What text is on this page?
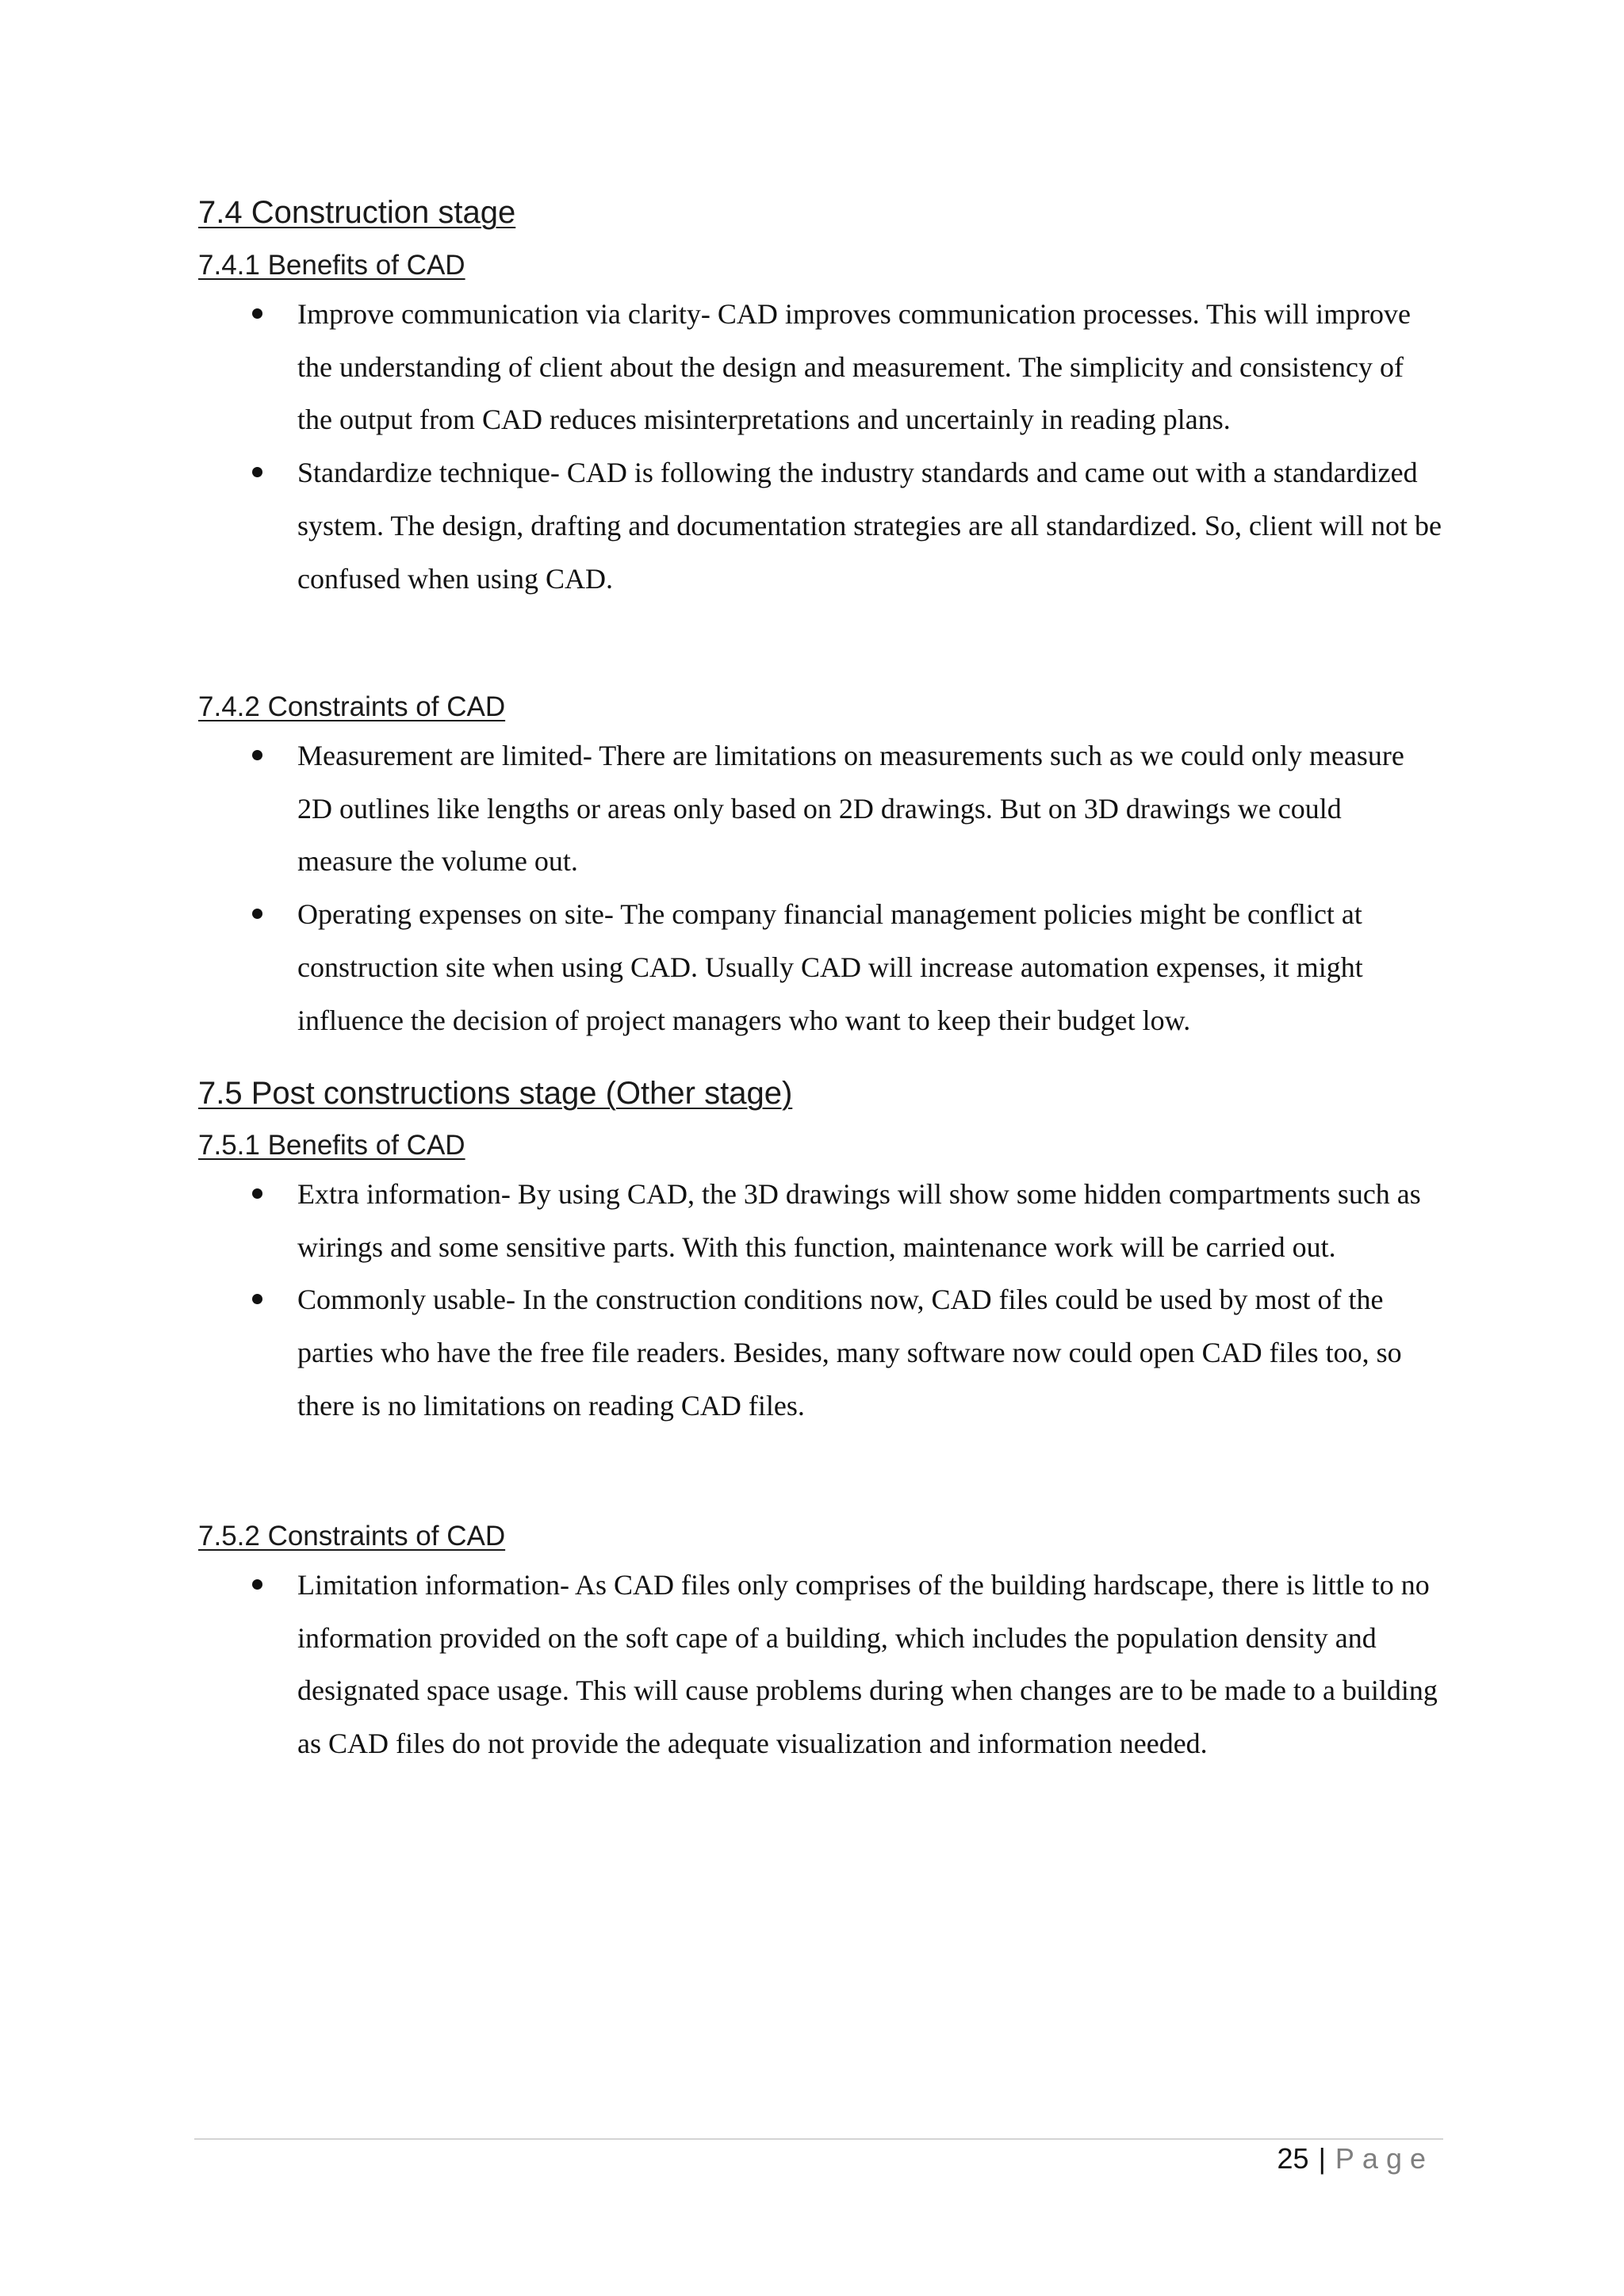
7.4 Construction stage
7.4.1 Benefits of CAD
Improve communication via clarity- CAD improves communication processes. This will improve the understanding of client about the design and measurement. The simplicity and consistency of the output from CAD reduces misinterpretations and uncertainly in reading plans.
Standardize technique- CAD is following the industry standards and came out with a standardized system. The design, drafting and documentation strategies are all standardized. So, client will not be confused when using CAD.
7.4.2 Constraints of CAD
Measurement are limited- There are limitations on measurements such as we could only measure 2D outlines like lengths or areas only based on 2D drawings. But on 3D drawings we could measure the volume out.
Operating expenses on site- The company financial management policies might be conflict at construction site when using CAD. Usually CAD will increase automation expenses, it might influence the decision of project managers who want to keep their budget low.
7.5 Post constructions stage (Other stage)
7.5.1 Benefits of CAD
Extra information- By using CAD, the 3D drawings will show some hidden compartments such as wirings and some sensitive parts. With this function, maintenance work will be carried out.
Commonly usable- In the construction conditions now, CAD files could be used by most of the parties who have the free file readers. Besides, many software now could open CAD files too, so there is no limitations on reading CAD files.
7.5.2 Constraints of CAD
Limitation information- As CAD files only comprises of the building hardscape, there is little to no information provided on the soft cape of a building, which includes the population density and designated space usage. This will cause problems during when changes are to be made to a building as CAD files do not provide the adequate visualization and information needed.
25 | Page
